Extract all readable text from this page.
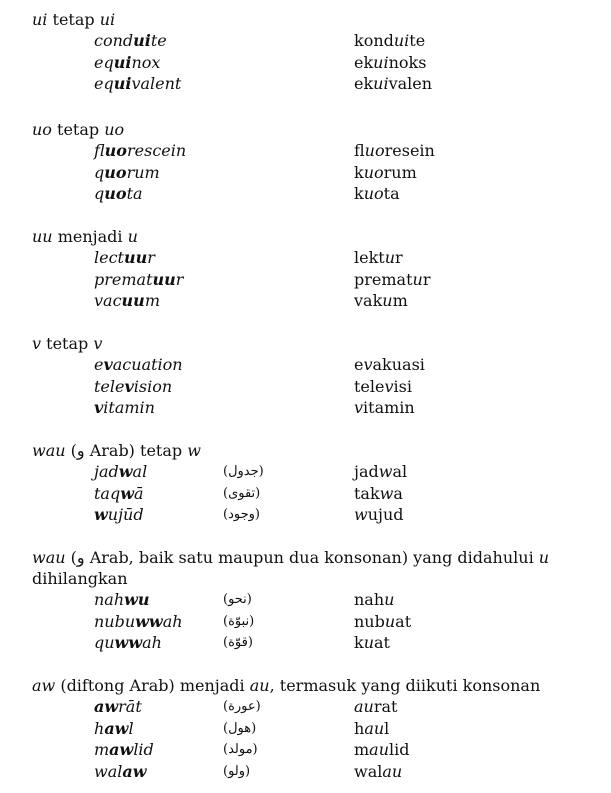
ui tetap ui
conduite	konduite
equinox	ekuinoks
equivalent	ekuivalen
uo tetap uo
fluorescein	fluoresein
quorum	kuorum
quota	kuota
uu menjadi u
lectuur	lektur
prematuur	prematur
vacuum	vakum
v tetap v
evacuation	evakuasi
television	televisi
vitamin	vitamin
wau (و Arab) tetap w
jadwal	(جدول)	jadwal
taqwā	(تقوى)	takwa
wujūd	(وجود)	wujud
wau (و Arab, baik satu maupun dua konsonan) yang didahului u dihilangkan
nahwu	(نحو)	nahu
nubuwwah	(نبوّة)	nubuat
quwwah	(قوّة)	kuat
aw (diftong Arab) menjadi au, termasuk yang diikuti konsonan
awrāt	(عورة)	aurat
hawl	(هول)	haul
mawlid	(مولد)	maulid
walaw	(ولو)	walau
